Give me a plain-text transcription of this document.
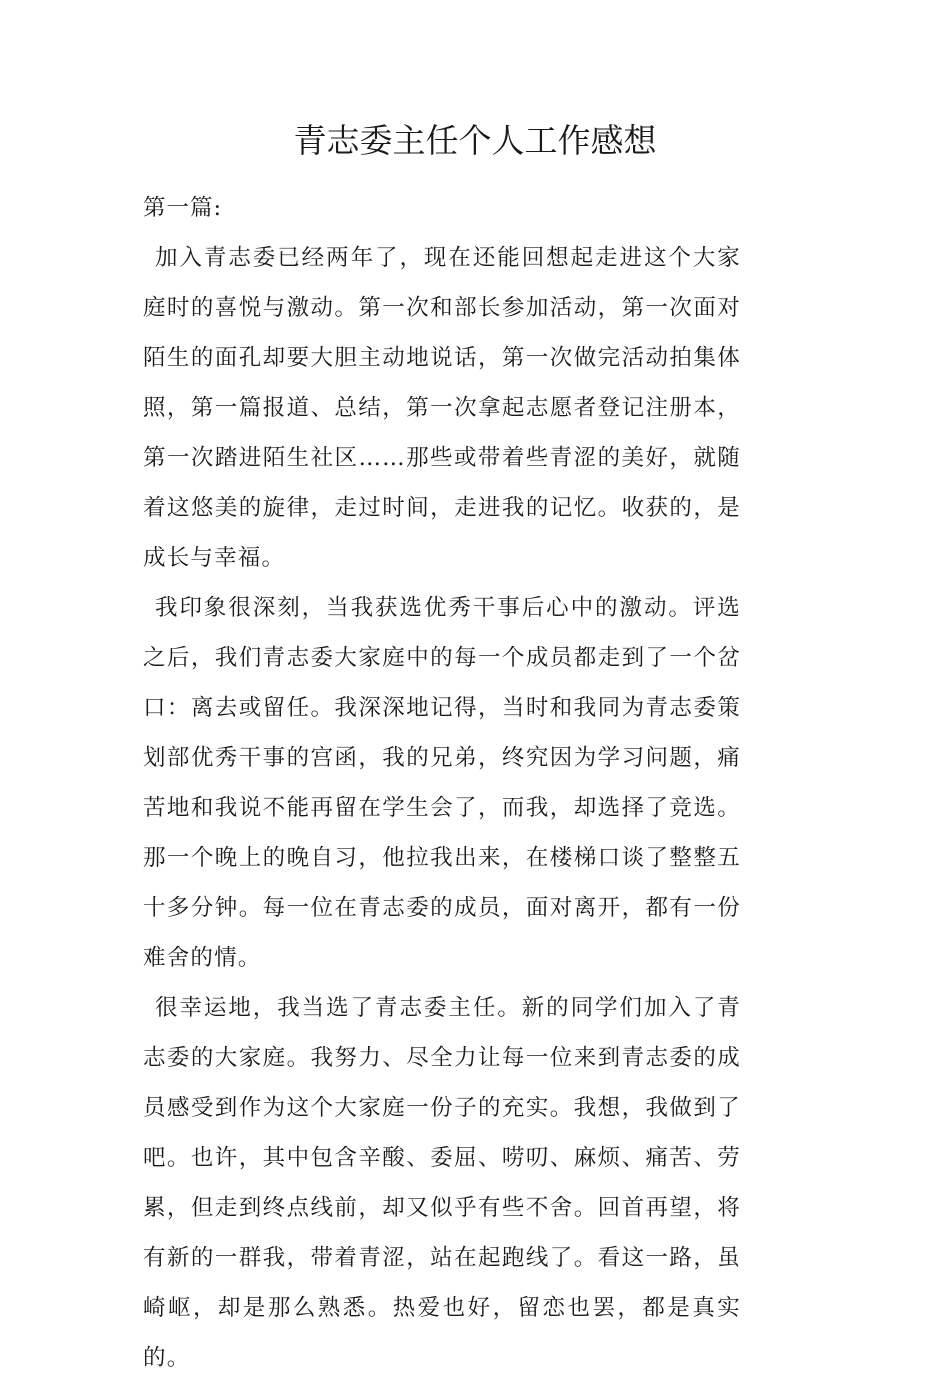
青志委主任个人工作感想

第一篇:

加入青志委已经两年了，现在还能回想起走进这个大家庭时的喜悦与激动。第一次和部长参加活动，第一次面对陌生的面孔却要大胆主动地说话，第一次做完活动拍集体照，第一篇报道、总结，第一次拿起志愿者登记注册本，第一次踏进陌生社区……那些或带着些青涩的美好，就随着这悠美的旋律，走过时间，走进我的记忆。收获的，是成长与幸福。

我印象很深刻，当我获选优秀干事后心中的激动。评选之后，我们青志委大家庭中的每一个成员都走到了一个岔口：离去或留任。我深深地记得，当时和我同为青志委策划部优秀干事的宫函，我的兄弟，终究因为学习问题，痛苦地和我说不能再留在学生会了，而我，却选择了竞选。那一个晚上的晚自习，他拉我出来，在楼梯口谈了整整五十多分钟。每一位在青志委的成员，面对离开，都有一份难舍的情。

很幸运地，我当选了青志委主任。新的同学们加入了青志委的大家庭。我努力、尽全力让每一位来到青志委的成员感受到作为这个大家庭一份子的充实。我想，我做到了吧。也许，其中包含辛酸、委屈、唠叨、麻烦、痛苦、劳累，但走到终点线前，却又似乎有些不舍。回首再望，将有新的一群我，带着青涩，站在起跑线了。看这一路，虽崎岖，却是那么熟悉。热爱也好，留恋也罢，都是真实的。
